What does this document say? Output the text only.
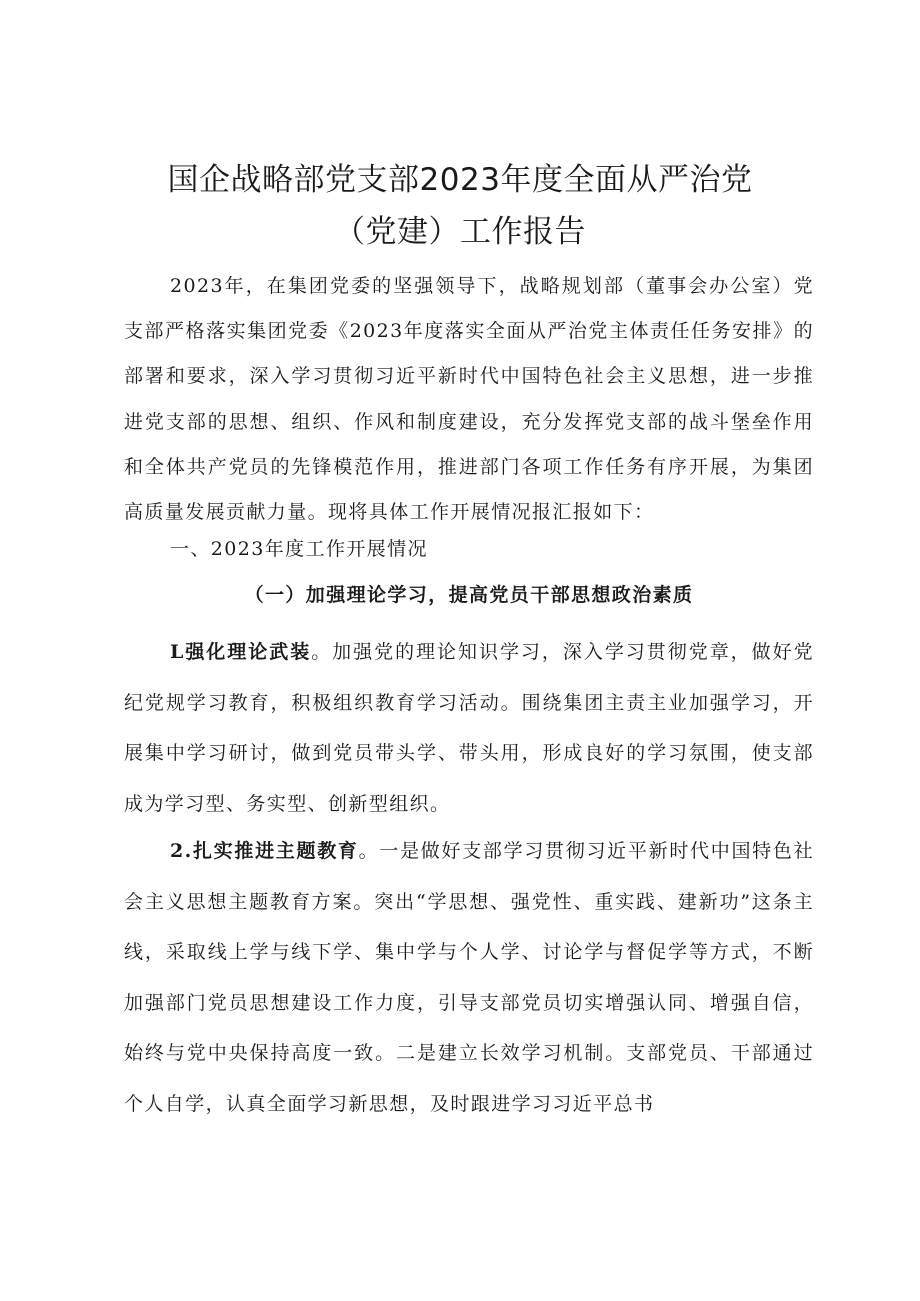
国企战略部党支部2023年度全面从严治党
（党建）工作报告

2023年，在集团党委的坚强领导下，战略规划部（董事会办公室）党支部严格落实集团党委《2023年度落实全面从严治党主体责任任务安排》的部署和要求，深入学习贯彻习近平新时代中国特色社会主义思想，进一步推进党支部的思想、组织、作风和制度建设，充分发挥党支部的战斗堡垒作用和全体共产党员的先锋模范作用，推进部门各项工作任务有序开展，为集团高质量发展贡献力量。现将具体工作开展情况报汇报如下：

一、2023年度工作开展情况
（一）加强理论学习，提高党员干部思想政治素质

L强化理论武装。加强党的理论知识学习，深入学习贯彻党章，做好党纪党规学习教育，积极组织教育学习活动。围绕集团主责主业加强学习，开展集中学习研讨，做到党员带头学、带头用，形成良好的学习氛围，使支部成为学习型、务实型、创新型组织。

2.扎实推进主题教育。一是做好支部学习贯彻习近平新时代中国特色社会主义思想主题教育方案。突出“学思想、强党性、重实践、建新功”这条主线，采取线上学与线下学、集中学与个人学、讨论学与督促学等方式，不断加强部门党员思想建设工作力度，引导支部党员切实增强认同、增强自信，始终与党中央保持高度一致。二是建立长效学习机制。支部党员、干部通过个人自学，认真全面学习新思想，及时跟进学习习近平总书
